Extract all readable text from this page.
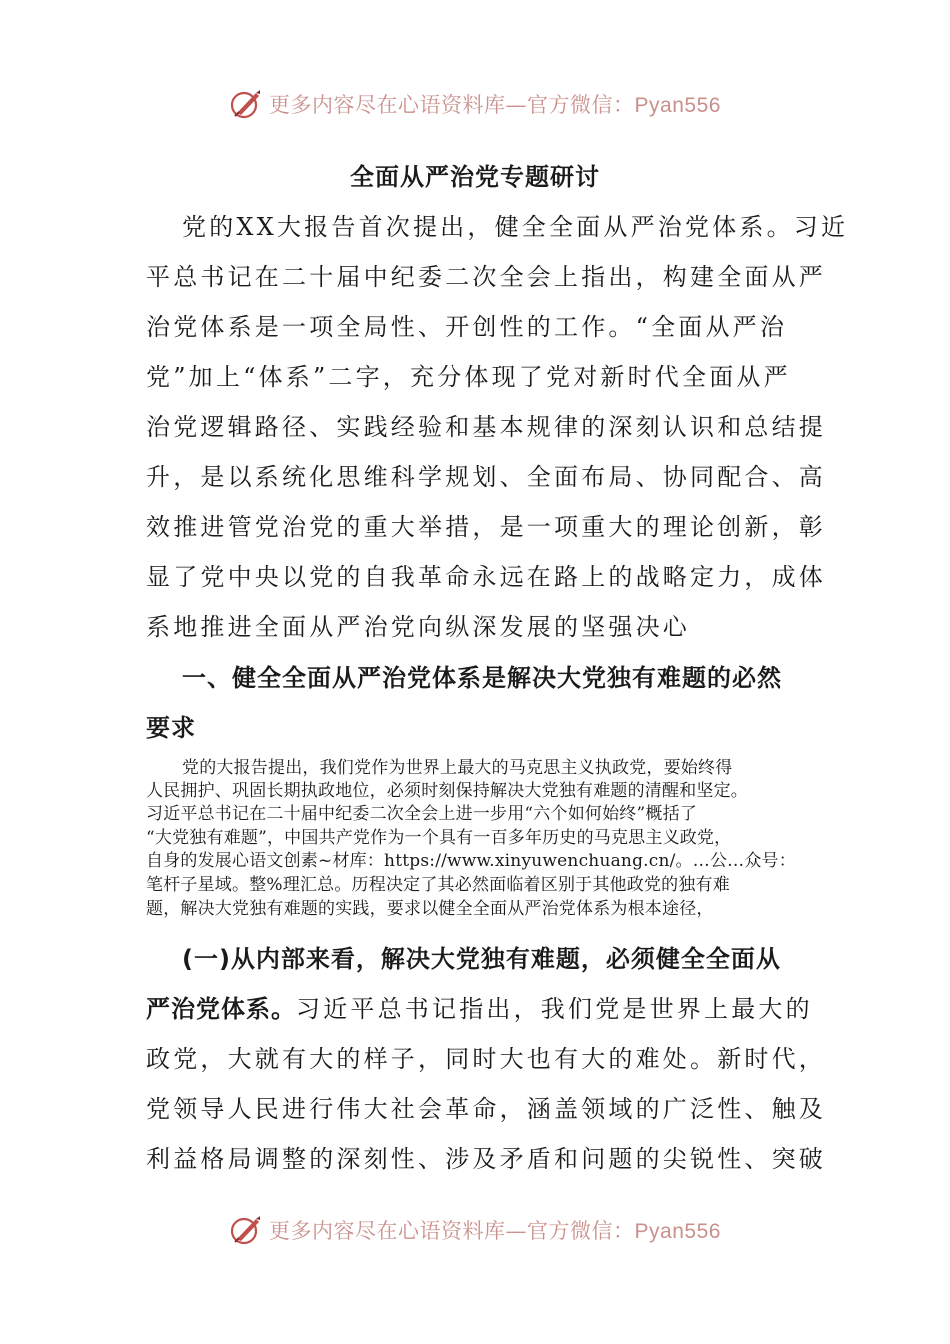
更多内容尽在心语资料库—官方微信：Pyan556
全面从严治党专题研讨
党的XX大报告首次提出，健全全面从严治党体系。习近
平总书记在二十届中纪委二次全会上指出，构建全面从严
治党体系是一项全局性、开创性的工作。“全面从严治
党”加上“体系”二字，充分体现了党对新时代全面从严
治党逻辑路径、实践经验和基本规律的深刻认识和总结提
升，是以系统化思维科学规划、全面布局、协同配合、高
效推进管党治党的重大举措，是一项重大的理论创新，彰
显了党中央以党的自我革命永远在路上的战略定力，成体
系地推进全面从严治党向纵深发展的坚强决心
一、健全全面从严治党体系是解决大党独有难题的必然
要求
党的大报告提出，我们党作为世界上最大的马克思主义执政党，要始终得
人民拥护、巩固长期执政地位，必须时刻保持解决大党独有难题的清醒和坚定。
习近平总书记在二十届中纪委二次全会上进一步用“六个如何始终”概括了
“大党独有难题”，中国共产党作为一个具有一百多年历史的马克思主义政党，
自身的发展心语文创素~材库：https://www.xinyuwenchuang.cn/。…公…众号：
笔杆子星域。整%理汇总。历程决定了其必然面临着区别于其他政党的独有难
题，解决大党独有难题的实践，要求以健全全面从严治党体系为根本途径，
(一)从内部来看，解决大党独有难题，必须健全全面从
严治党体系。习近平总书记指出，我们党是世界上最大的
政党，大就有大的样子，同时大也有大的难处。新时代，
党领导人民进行伟大社会革命，涵盖领域的广泛性、触及
利益格局调整的深刻性、涉及矛盾和问题的尖锐性、突破
更多内容尽在心语资料库—官方微信：Pyan556
